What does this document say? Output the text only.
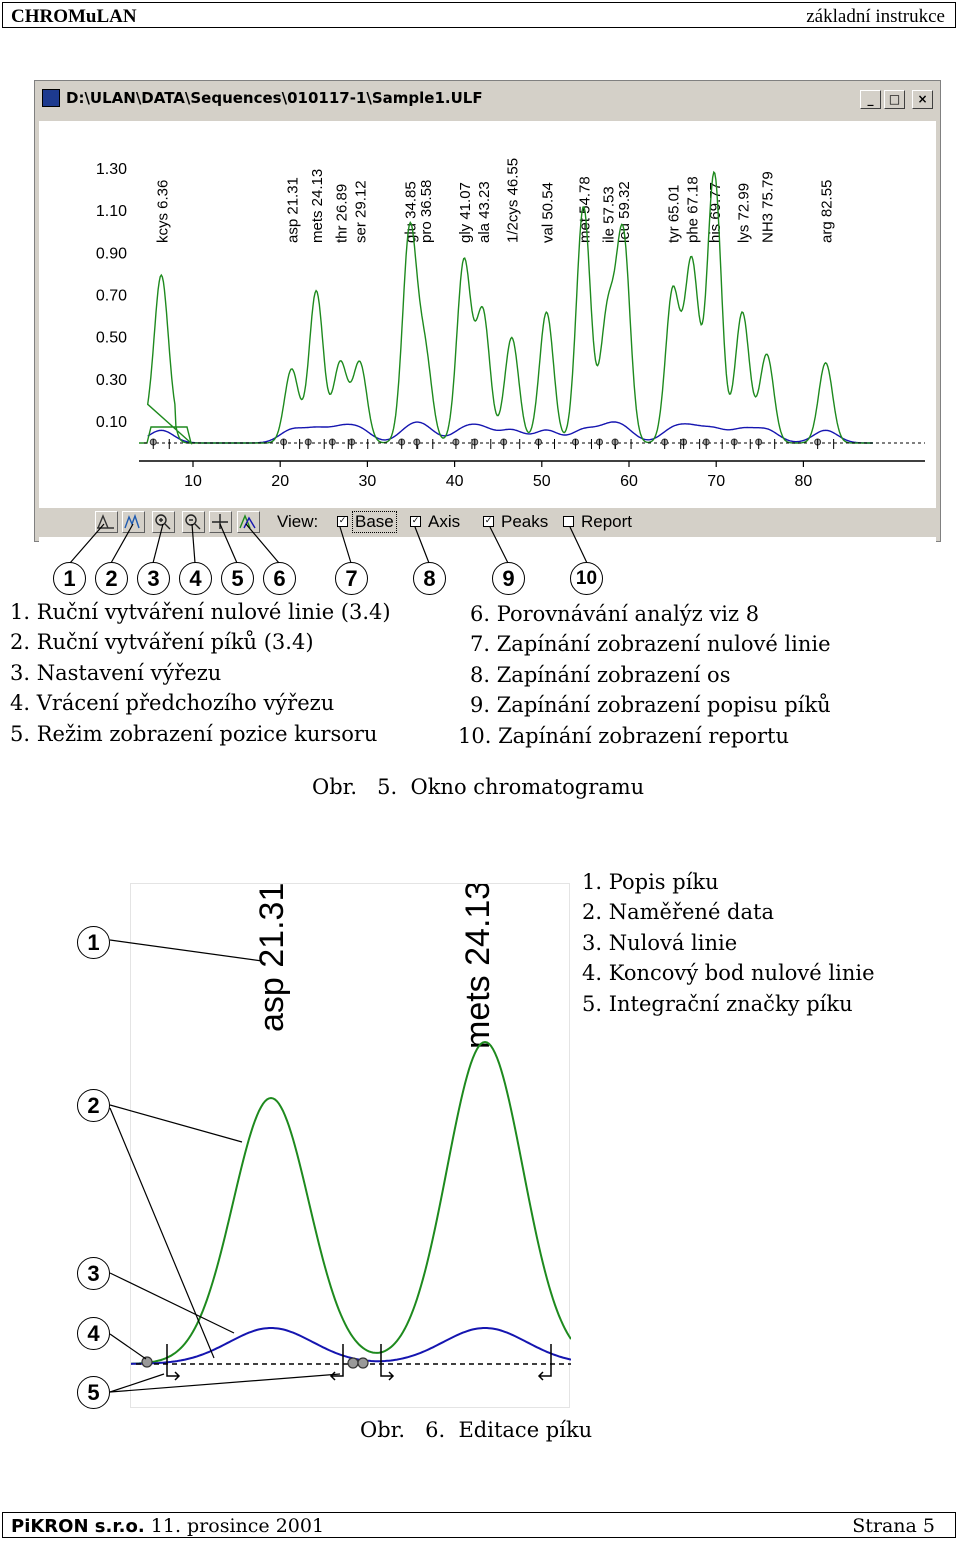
CHROMuLAN	základní instrukce
D:\ULAN\DATA\Sequences\010117-1\Sample1.ULF	_	□	×
1.30
1.10
0.90
0.70
0.50
0.30
0.10
10	20	30	40	50	60	70	80
kcys 6.36	asp 21.31 mets 24.13 thr 26.89 ser 29.12 glu 34.85
pro 36.58 gly 41.07 ala 43.23 1/2cys 46.55 val 50.54 met 54.78 ile 57.53
leu 59.32 tyr 65.01 phe 67.18 his 69.77 lys 72.99 NH3 75.79	arg 82.55
View: ✓ Base	✓ Axis	✓ Peaks Report
1	2	3	4	5	6	7	8	9	10
1. Ruční vytváření nulové linie (3.4)
2. Ruční vytváření píků (3.4)
3. Nastavení výřezu
4. Vrácení předchozího výřezu
5. Režim zobrazení pozice kursoru
6. Porovnávání analýz viz 8
7. Zapínání zobrazení nulové linie
8. Zapínání zobrazení os
9. Zapínání zobrazení popisu píků
10. Zapínání zobrazení reportu
Obr.   5.  Okno chromatogramu
asp 21.31	mets 24.13
1
2
3
4
5
1. Popis píku
2. Naměřené data
3. Nulová linie
4. Koncový bod nulové linie
5. Integrační značky píku
Obr.   6.  Editace píku
PiKRON s.r.o. 11. prosince 2001	Strana 5
